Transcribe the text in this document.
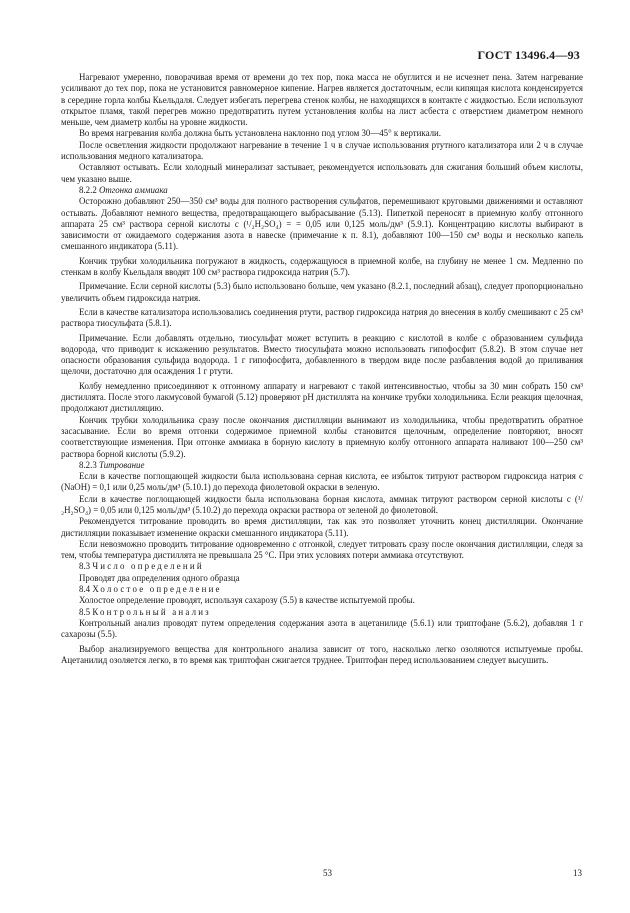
ГОСТ 13496.4—93

Нагревают умеренно, поворачивая время от времени до тех пор, пока масса не обуглится и не исчезнет пена. Затем нагревание усиливают до тех пор, пока не установится равномерное кипение. Нагрев является достаточным, если кипящая кислота конденсируется в середине горла колбы Кьельдаля. Следует избегать перегрева стенок колбы, не находящихся в контакте с жидкостью. Если используют открытое пламя, такой перегрев можно предотвратить путем установления колбы на лист асбеста с отверстием диаметром немного меньше, чем диаметр колбы на уровне жидкости.

Во время нагревания колба должна быть установлена наклонно под углом 30—45° к вертикали.

После осветления жидкости продолжают нагревание в течение 1 ч в случае использования ртутного катализатора или 2 ч в случае использования медного катализатора.

Оставляют остывать. Если холодный минерализат застывает, рекомендуется использовать для сжигания больший объем кислоты, чем указано выше.

8.2.2 Отгонка аммиака

Осторожно добавляют 250—350 см³ воды для полного растворения сульфатов, перемешивают круговыми движениями и оставляют остывать. Добавляют немного вещества, предотвращающего выбрасывание (5.13). Пипеткой переносят в приемную колбу отгонного аппарата 25 см³ раствора серной кислоты с (¹/₂H₂SO₄) = = 0,05 или 0,125 моль/дм³ (5.9.1). Концентрацию кислоты выбирают в зависимости от ожидаемого содержания азота в навеске (примечание к п. 8.1), добавляют 100—150 см³ воды и несколько капель смешанного индикатора (5.11).

Кончик трубки холодильника погружают в жидкость, содержащуюся в приемной колбе, на глубину не менее 1 см. Медленно по стенкам в колбу Кьельдаля вводят 100 см³ раствора гидроксида натрия (5.7).

Примечание. Если серной кислоты (5.3) было использовано больше, чем указано (8.2.1, последний абзац), следует пропорционально увеличить объем гидроксида натрия.

Если в качестве катализатора использовались соединения ртути, раствор гидроксида натрия до внесения в колбу смешивают с 25 см³ раствора тиосульфата (5.8.1).

Примечание. Если добавлять отдельно, тиосульфат может вступить в реакцию с кислотой в колбе с образованием сульфида водорода, что приводит к искажению результатов. Вместо тиосульфата можно использовать гипофосфит (5.8.2). В этом случае нет опасности образования сульфида водорода. 1 г гипофосфита, добавленного в твердом виде после разбавления водой до приливания щелочи, достаточно для осаждения 1 г ртути.

Колбу немедленно присоединяют к отгонному аппарату и нагревают с такой интенсивностью, чтобы за 30 мин собрать 150 см³ дистиллята. После этого лакмусовой бумагой (5.12) проверяют pH дистиллята на кончике трубки холодильника. Если реакция щелочная, продолжают дистилляцию.

Кончик трубки холодильника сразу после окончания дистилляции вынимают из холодильника, чтобы предотвратить обратное засасывание. Если во время отгонки содержимое приемной колбы становится щелочным, определение повторяют, вносят соответствующие изменения. При отгонке аммиака в борную кислоту в приемную колбу отгонного аппарата наливают 100—250 см³ раствора борной кислоты (5.9.2).

8.2.3 Титрование

Если в качестве поглощающей жидкости была использована серная кислота, ее избыток титруют раствором гидроксида натрия с (NaOH) = 0,1 или 0,25 моль/дм³ (5.10.1) до перехода фиолетовой окраски в зеленую.

Если в качестве поглощающей жидкости была использована борная кислота, аммиак титруют раствором серной кислоты с (¹/₂H₂SO₄) = 0,05 или 0,125 моль/дм³ (5.10.2) до перехода окраски раствора от зеленой до фиолетовой.

Рекомендуется титрование проводить во время дистилляции, так как это позволяет уточнить конец дистилляции. Окончание дистилляции показывает изменение окраски смешанного индикатора (5.11).

Если невозможно проводить титрование одновременно с отгонкой, следует титровать сразу после окончания дистилляции, следя за тем, чтобы температура дистиллята не превышала 25 °С. При этих условиях потери аммиака отсутствуют.

8.3 Число определений

Проводят два определения одного образца

8.4 Холостое определение

Холостое определение проводят, используя сахарозу (5.5) в качестве испытуемой пробы.

8.5 Контрольный анализ

Контрольный анализ проводят путем определения содержания азота в ацетанилиде (5.6.1) или триптофане (5.6.2), добавляя 1 г сахарозы (5.5).

Выбор анализируемого вещества для контрольного анализа зависит от того, насколько легко озоляются испытуемые пробы. Ацетанилид озоляется легко, в то время как триптофан сжигается труднее. Триптофан перед использованием следует высушить.

53	13
